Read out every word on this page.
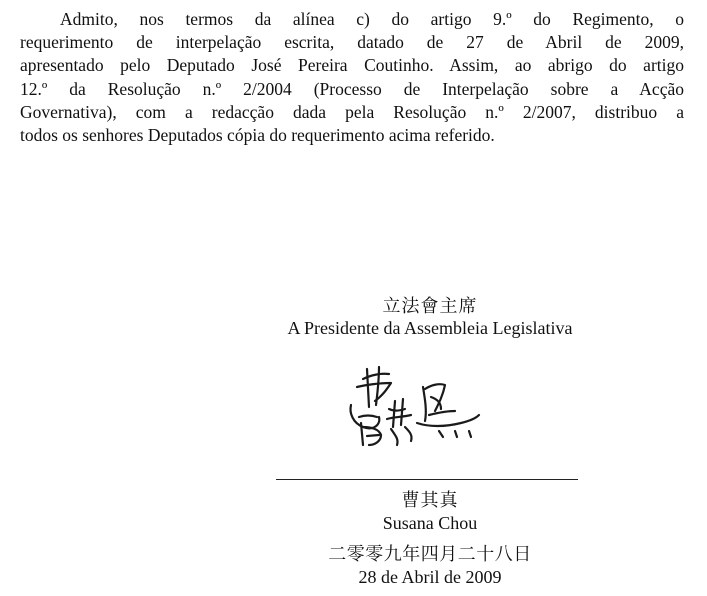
Admito, nos termos da alínea c) do artigo 9.º do Regimento, o
requerimento de interpelação escrita, datado de 27 de Abril de 2009,
apresentado pelo Deputado José Pereira Coutinho. Assim, ao abrigo do artigo
12.º da Resolução n.º 2/2004 (Processo de Interpelação sobre a Acção
Governativa), com a redacção dada pela Resolução n.º 2/2007, distribuo a
todos os senhores Deputados cópia do requerimento acima referido.
立法會主席
A Presidente da Assembleia Legislativa
曹其真
Susana Chou
二零零九年四月二十八日
28 de Abril de 2009
